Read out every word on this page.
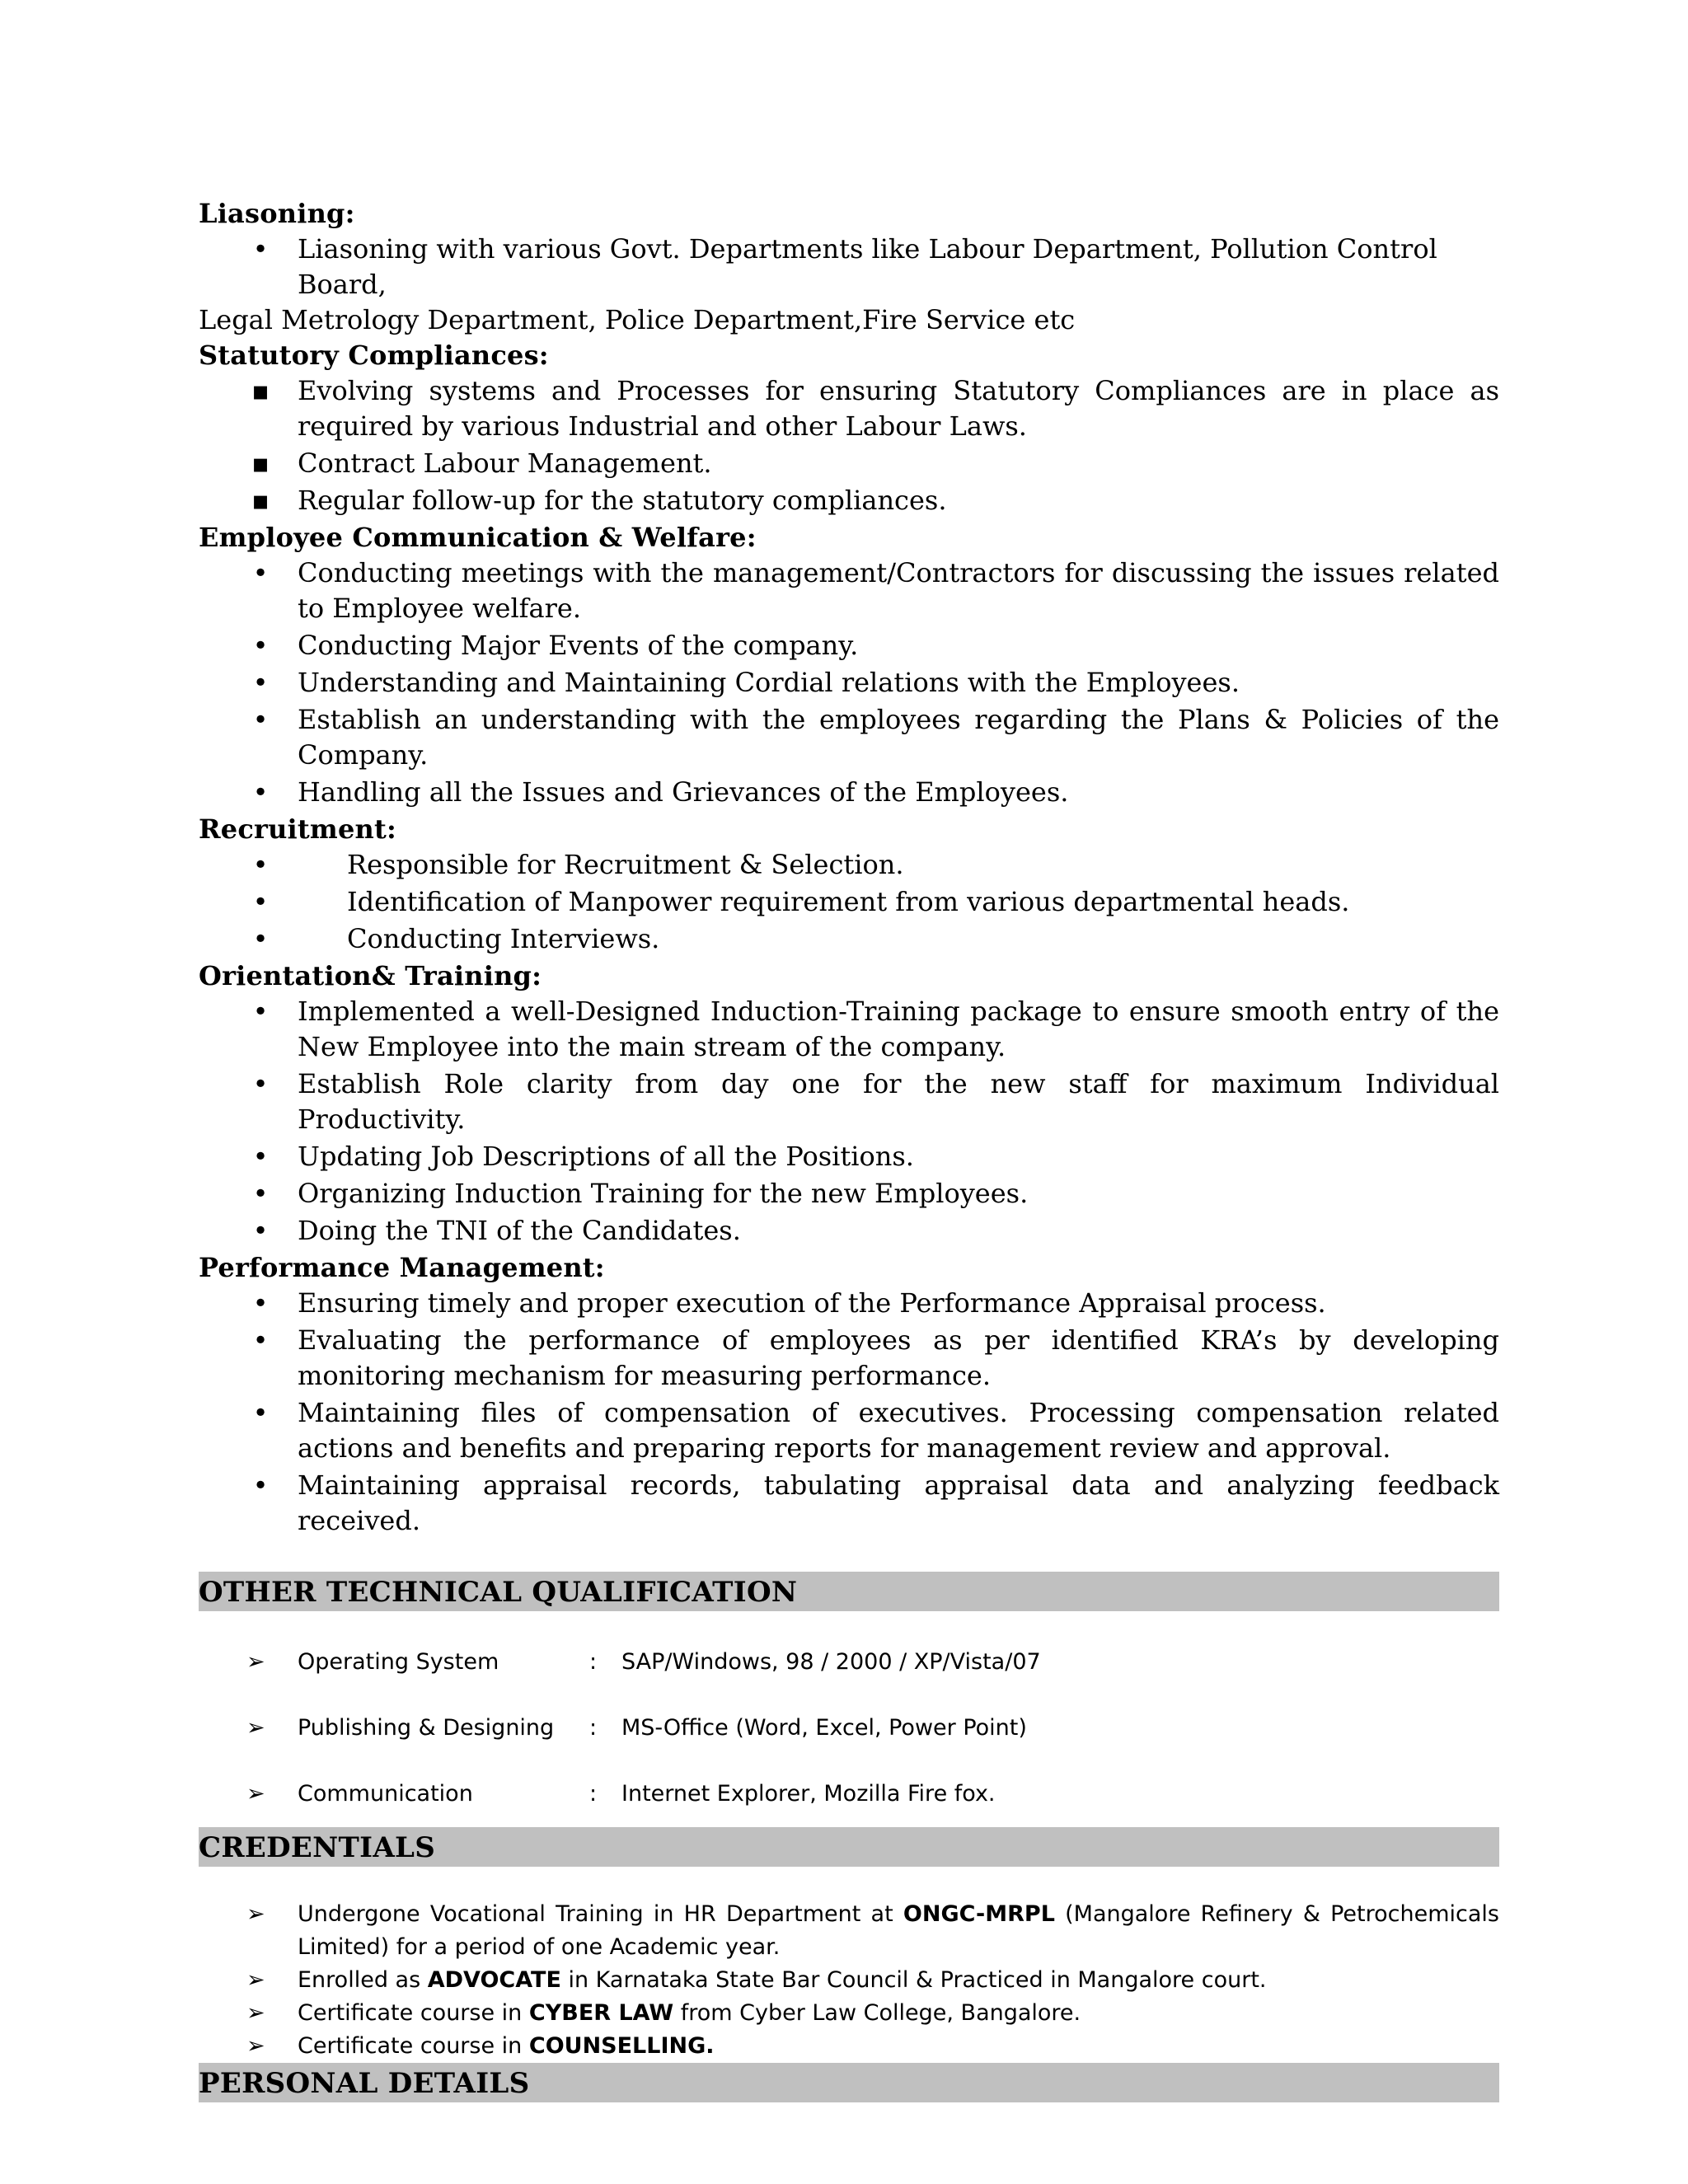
Liasoning:
•	Liasoning with various Govt. Departments like Labour Department, Pollution Control Board,
Legal Metrology Department, Police Department,Fire Service etc
Statutory Compliances:
▪ Evolving systems and Processes for ensuring Statutory Compliances are in place as required by various Industrial and other Labour Laws.
▪ Contract Labour Management.
▪ Regular follow-up for the statutory compliances.
Employee Communication & Welfare:
• Conducting meetings with the management/Contractors for discussing the issues related to Employee welfare.
• Conducting Major Events of the company.
• Understanding and Maintaining Cordial relations with the Employees.
• Establish an understanding with the employees regarding the Plans & Policies of the Company.
• Handling all the Issues and Grievances of the Employees.
Recruitment:
•	Responsible for Recruitment & Selection.
•	Identification of Manpower requirement from various departmental heads.
•	Conducting Interviews.
Orientation& Training:
• Implemented a well-Designed Induction-Training package to ensure smooth entry of the New Employee into the main stream of the company.
• Establish Role clarity from day one for the new staff for maximum Individual Productivity.
• Updating Job Descriptions of all the Positions.
• Organizing Induction Training for the new Employees.
• Doing the TNI of the Candidates.
Performance Management:
• Ensuring timely and proper execution of the Performance Appraisal process.
• Evaluating the performance of employees as per identified KRA’s by developing monitoring mechanism for measuring performance.
• Maintaining files of compensation of executives. Processing compensation related actions and benefits and preparing reports for management review and approval.
• Maintaining appraisal records, tabulating appraisal data and analyzing feedback received.
OTHER TECHNICAL QUALIFICATION
➢ Operating System	: SAP/Windows, 98 / 2000 / XP/Vista/07
➢ Publishing & Designing : MS-Office (Word, Excel, Power Point)
➢ Communication	: Internet Explorer, Mozilla Fire fox.
CREDENTIALS
➢ Undergone Vocational Training in HR Department at ONGC-MRPL (Mangalore Refinery & Petrochemicals Limited) for a period of one Academic year.
➢ Enrolled as ADVOCATE in Karnataka State Bar Council & Practiced in Mangalore court.
➢ Certificate course in CYBER LAW from Cyber Law College, Bangalore.
➢ Certificate course in COUNSELLING.
PERSONAL DETAILS
